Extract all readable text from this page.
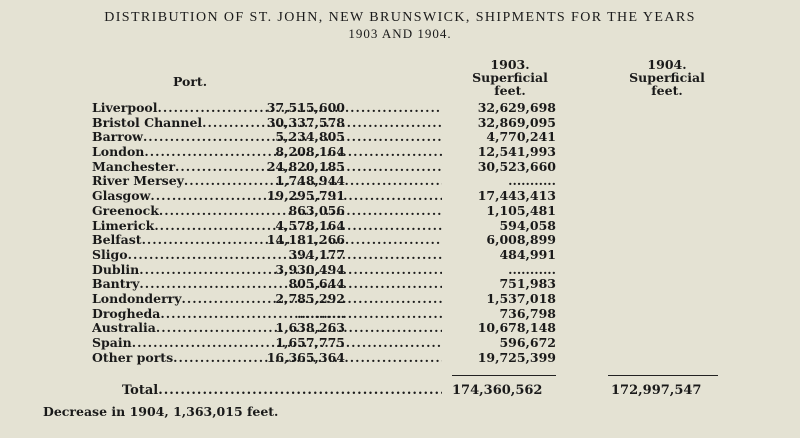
DISTRIBUTION OF ST. JOHN, NEW BRUNSWICK, SHIPMENTS FOR THE YEARS
1903 AND 1904.
Port.
1903.
Superficial
feet.
1904.
Superficial
feet.
Liverpool .....	37,515,600	32,629,698
Bristol Channel .....	30,337,578	32,869,095
Barrow .....	5,234,805	4,770,241
London .....	8,208,164	12,541,993
Manchester .....	24,820,185	30,523,660
River Mersey .....	1,748,944	...........
Glasgow .....	19,295,791	17,443,413
Greenock .....	863,056	1,105,481
Limerick .....	4,578,164	594,058
Belfast .....	14,181,266	6,008,899
Sligo .....	394,177	484,991
Dublin .....	3,930,494	...........
Bantry .....	805,644	751,983
Londonderry .....	2,785,292	1,537,018
Drogheda .....	...........	736,798
Australia .....	1,638,263	10,678,148
Spain .....	1,657,775	596,672
Other ports .....	16,365,364	19,725,399
Total .....	174,360,562	172,997,547
Decrease in 1904, 1,363,015 feet.
